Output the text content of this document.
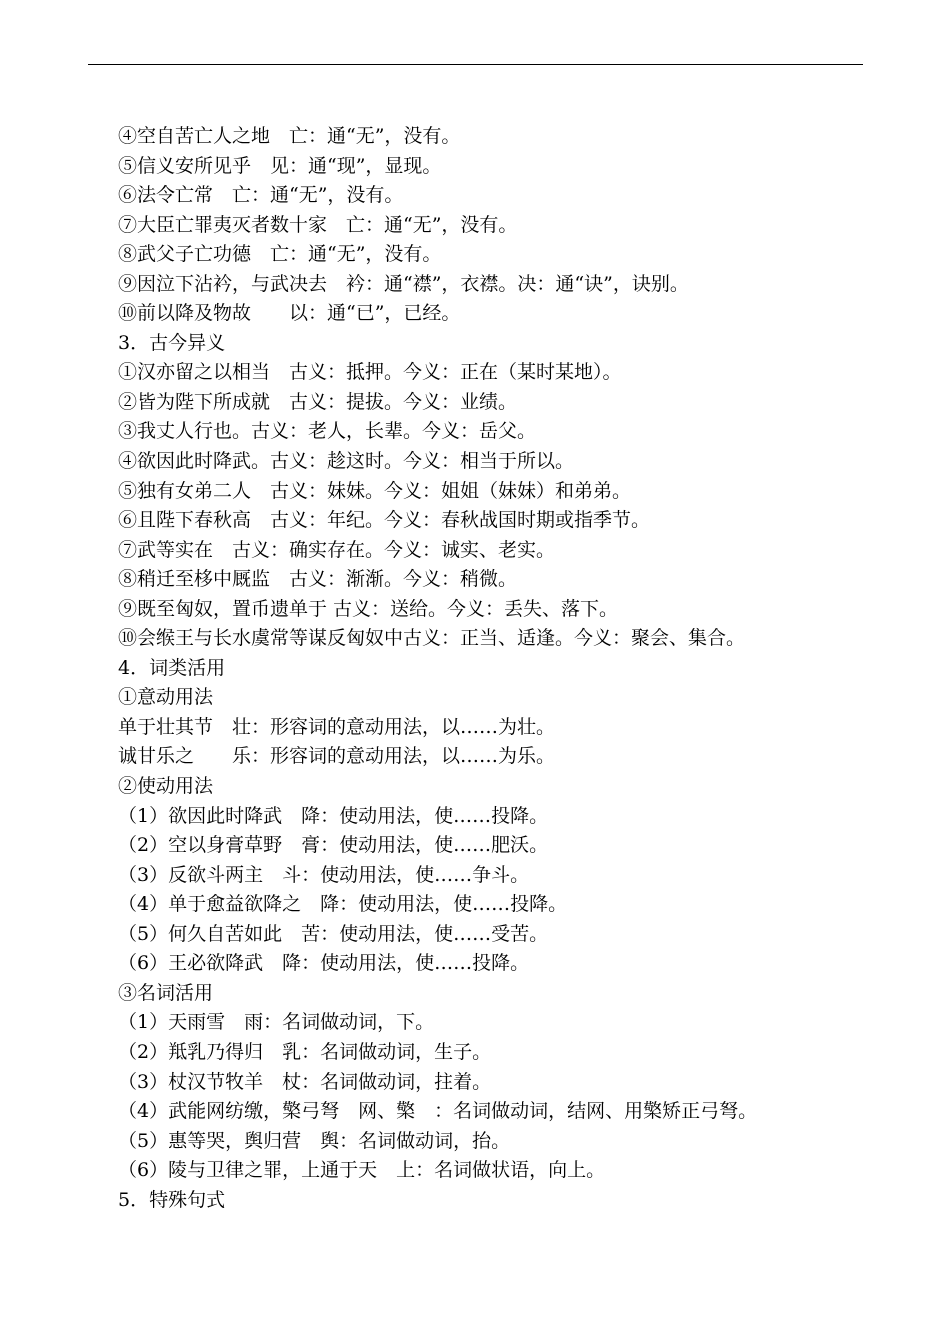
④空自苦亡人之地　亡：通“无”，没有。
⑤信义安所见乎　见：通“现”，显现。
⑥法令亡常　亡：通“无”，没有。
⑦大臣亡罪夷灭者数十家　亡：通“无”，没有。
⑧武父子亡功德　亡：通“无”，没有。
⑨因泣下沾衿，与武决去　衿：通“襟”，衣襟。决：通“诀”，诀别。
⑩前以降及物故　　以：通“已”，已经。
3．古今异义
①汉亦留之以相当　古义：抵押。今义：正在（某时某地）。
②皆为陛下所成就　古义：提拔。今义：业绩。
③我丈人行也。古义：老人，长辈。今义：岳父。
④欲因此时降武。古义：趁这时。今义：相当于所以。
⑤独有女弟二人　古义：妹妹。今义：姐姐（妹妹）和弟弟。
⑥且陛下春秋高　古义：年纪。今义：春秋战国时期或指季节。
⑦武等实在　古义：确实存在。今义：诚实、老实。
⑧稍迁至栘中厩监　古义：渐渐。今义：稍微。
⑨既至匈奴，置币遗单于 古义：送给。今义：丢失、落下。
⑩会缑王与长水虞常等谋反匈奴中古义：正当、适逢。今义：聚会、集合。
4．词类活用
①意动用法
单于壮其节　壮：形容词的意动用法，以……为壮。
诚甘乐之　　乐：形容词的意动用法，以……为乐。
②使动用法
（1）欲因此时降武　降：使动用法，使……投降。
（2）空以身膏草野　膏：使动用法，使……肥沃。
（3）反欲斗两主　斗：使动用法，使……争斗。
（4）单于愈益欲降之　降：使动用法，使……投降。
（5）何久自苦如此　苦：使动用法，使……受苦。
（6）王必欲降武　降：使动用法，使……投降。
③名词活用
（1）天雨雪　雨：名词做动词，下。
（2）羝乳乃得归　乳：名词做动词，生子。
（3）杖汉节牧羊　杖：名词做动词，拄着。
（4）武能网纺缴，檠弓弩　网、檠　：名词做动词，结网、用檠矫正弓弩。
（5）惠等哭，舆归营　舆：名词做动词，抬。
（6）陵与卫律之罪，上通于天　上：名词做状语，向上。
5．特殊句式
